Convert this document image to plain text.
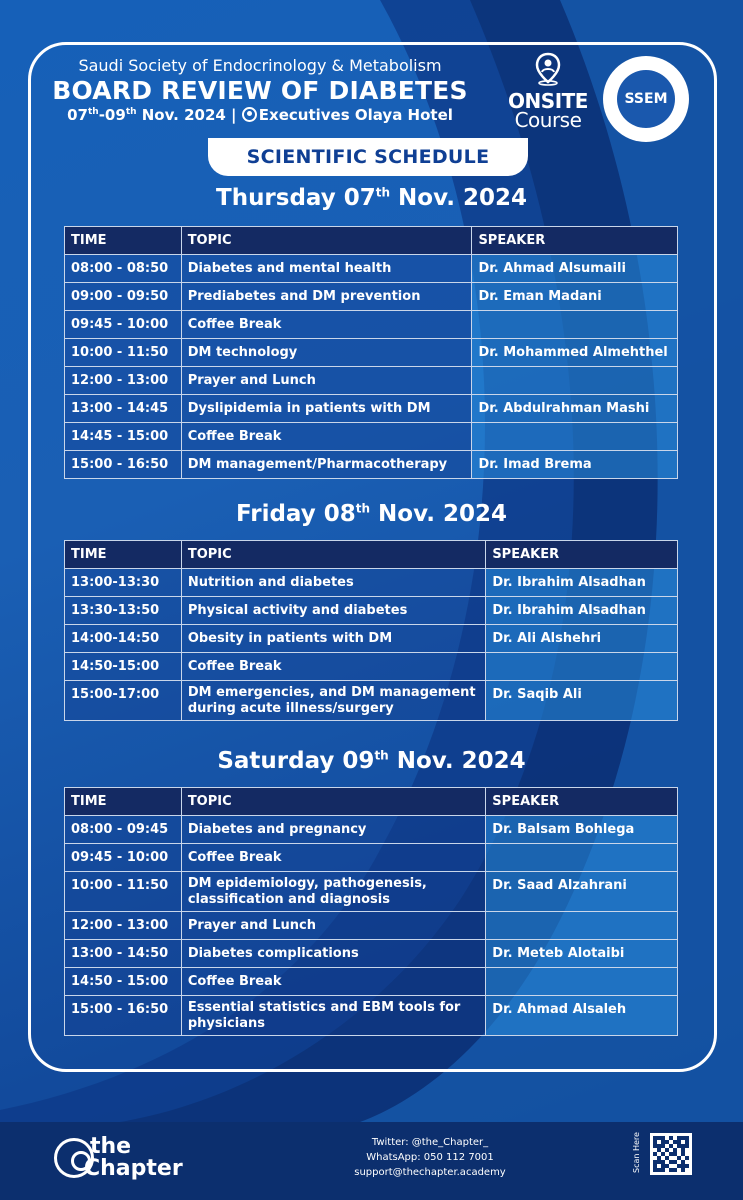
Saudi Society of Endocrinology & Metabolism
BOARD REVIEW OF DIABETES
07th-09th Nov. 2024 | Executives Olaya Hotel
ONSITE
Course
SSEM
SCIENTIFIC SCHEDULE
Thursday 07th Nov. 2024
TIME	TOPIC	SPEAKER
08:00 - 08:50	Diabetes and mental health	Dr. Ahmad Alsumaili
09:00 - 09:50	Prediabetes and DM prevention	Dr. Eman Madani
09:45 - 10:00	Coffee Break	
10:00 - 11:50	DM technology	Dr. Mohammed Almehthel
12:00 - 13:00	Prayer and Lunch	
13:00 - 14:45	Dyslipidemia in patients with DM	Dr. Abdulrahman Mashi
14:45 - 15:00	Coffee Break	
15:00 - 16:50	DM management/Pharmacotherapy	Dr. Imad Brema
Friday 08th Nov. 2024
TIME	TOPIC	SPEAKER
13:00-13:30	Nutrition and diabetes	Dr. Ibrahim Alsadhan
13:30-13:50	Physical activity and diabetes	Dr. Ibrahim Alsadhan
14:00-14:50	Obesity in patients with DM	Dr. Ali Alshehri
14:50-15:00	Coffee Break	
15:00-17:00	DM emergencies, and DM management during acute illness/surgery	Dr. Saqib Ali
Saturday 09th Nov. 2024
TIME	TOPIC	SPEAKER
08:00 - 09:45	Diabetes and pregnancy	Dr. Balsam Bohlega
09:45 - 10:00	Coffee Break	
10:00 - 11:50	DM epidemiology, pathogenesis, classification and diagnosis	Dr. Saad Alzahrani
12:00 - 13:00	Prayer and Lunch	
13:00 - 14:50	Diabetes complications	Dr. Meteb Alotaibi
14:50 - 15:00	Coffee Break	
15:00 - 16:50	Essential statistics and EBM tools for physicians	Dr. Ahmad Alsaleh
the
Chapter
Twitter: @the_Chapter_
WhatsApp: 050 112 7001
support@thechapter.academy	Scan Here
